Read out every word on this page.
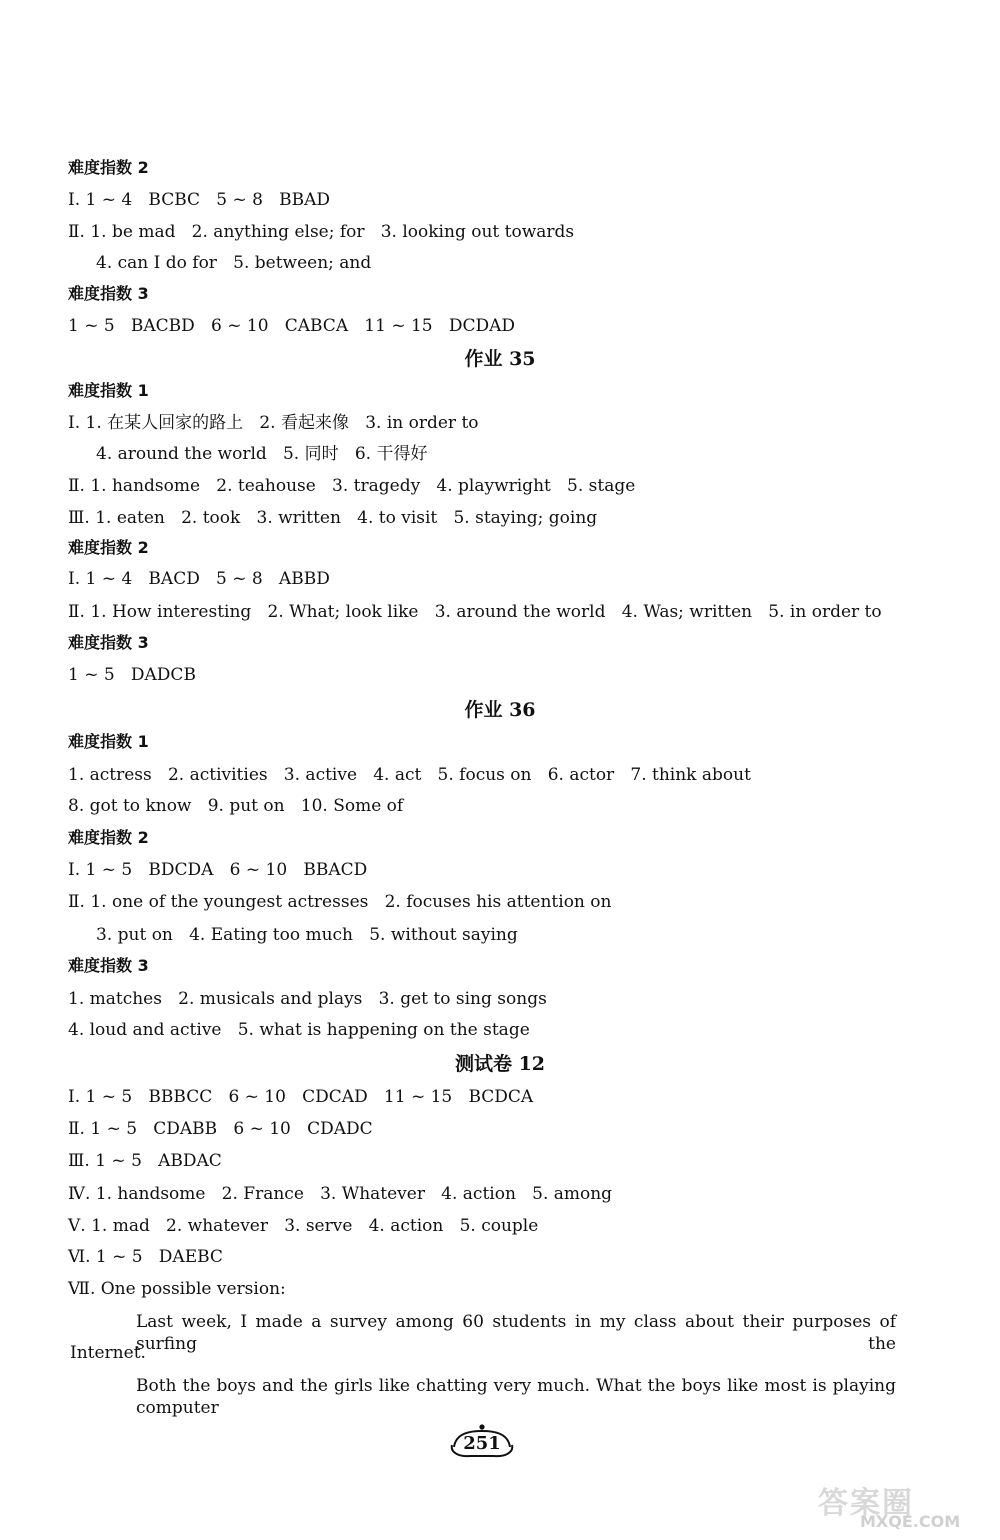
难度指数 2
Ⅰ. 1 ~ 4   BCBC   5 ~ 8   BBAD
Ⅱ. 1. be mad   2. anything else; for   3. looking out towards
4. can I do for   5. between; and
难度指数 3
1 ~ 5   BACBD   6 ~ 10   CABCA   11 ~ 15   DCDAD
作业 35
难度指数 1
Ⅰ. 1. 在某人回家的路上   2. 看起来像   3. in order to
4. around the world   5. 同时   6. 干得好
Ⅱ. 1. handsome   2. teahouse   3. tragedy   4. playwright   5. stage
Ⅲ. 1. eaten   2. took   3. written   4. to visit   5. staying; going
难度指数 2
Ⅰ. 1 ~ 4   BACD   5 ~ 8   ABBD
Ⅱ. 1. How interesting   2. What; look like   3. around the world   4. Was; written   5. in order to
难度指数 3
1 ~ 5   DADCB
作业 36
难度指数 1
1. actress   2. activities   3. active   4. act   5. focus on   6. actor   7. think about
8. got to know   9. put on   10. Some of
难度指数 2
Ⅰ. 1 ~ 5   BDCDA   6 ~ 10   BBACD
Ⅱ. 1. one of the youngest actresses   2. focuses his attention on
3. put on   4. Eating too much   5. without saying
难度指数 3
1. matches   2. musicals and plays   3. get to sing songs
4. loud and active   5. what is happening on the stage
测试卷 12
Ⅰ. 1 ~ 5   BBBCC   6 ~ 10   CDCAD   11 ~ 15   BCDCA
Ⅱ. 1 ~ 5   CDABB   6 ~ 10   CDADC
Ⅲ. 1 ~ 5   ABDAC
Ⅳ. 1. handsome   2. France   3. Whatever   4. action   5. among
Ⅴ. 1. mad   2. whatever   3. serve   4. action   5. couple
Ⅵ. 1 ~ 5   DAEBC
Ⅶ. One possible version:
Last week, I made a survey among 60 students in my class about their purposes of surfing the
Internet.
Both the boys and the girls like chatting very much. What the boys like most is playing computer
251
答案圈
MXQE.COM
